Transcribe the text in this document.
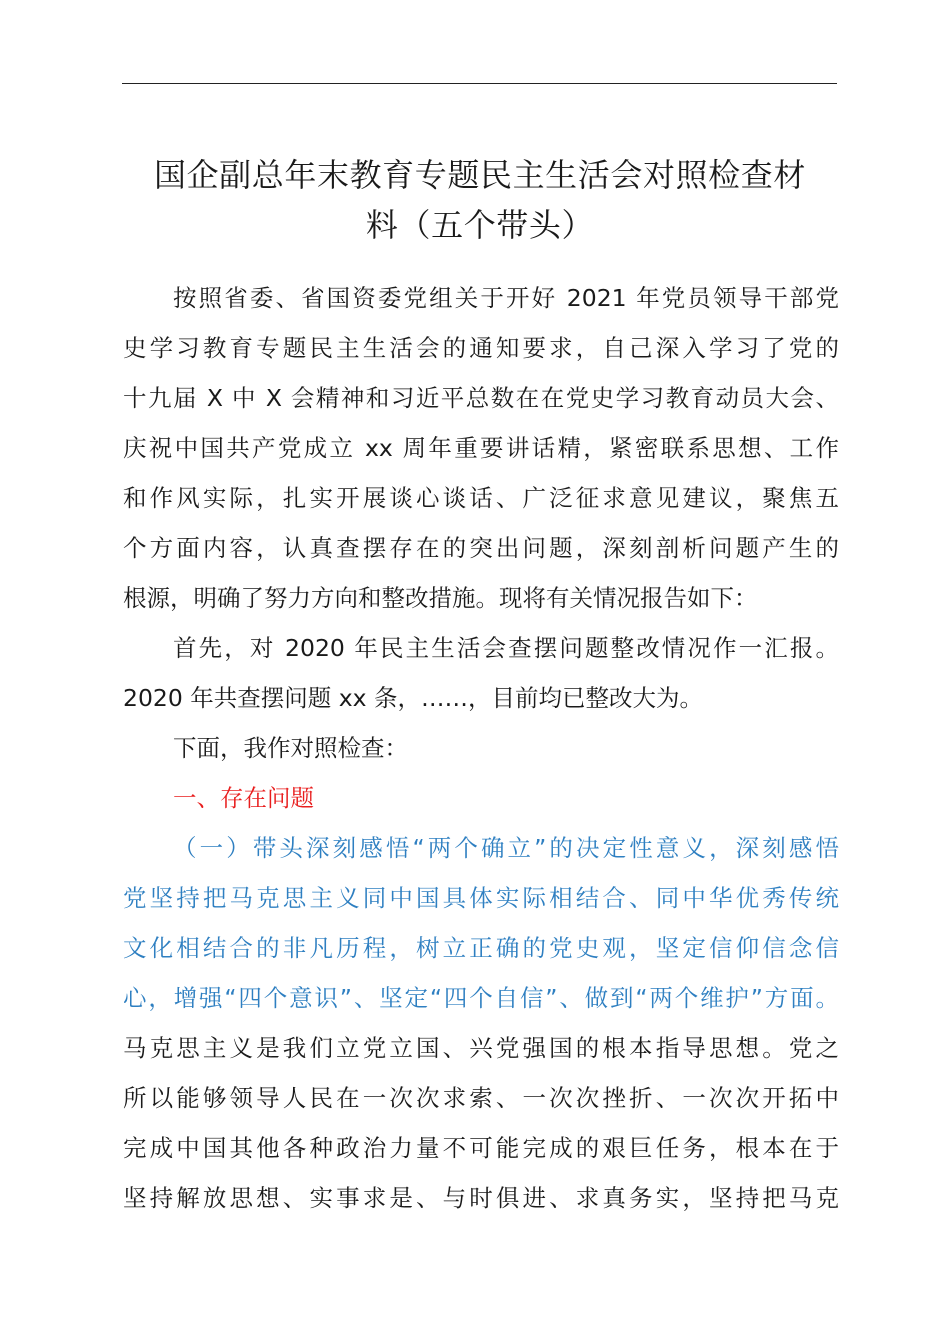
国企副总年末教育专题民主生活会对照检查材
料（五个带头）
按照省委、省国资委党组关于开好 2021 年党员领导干部党
史学习教育专题民主生活会的通知要求，自己深入学习了党的
十九届 X 中 X 会精神和习近平总数在在党史学习教育动员大会、
庆祝中国共产党成立 xx 周年重要讲话精，紧密联系思想、工作
和作风实际，扎实开展谈心谈话、广泛征求意见建议，聚焦五
个方面内容，认真查摆存在的突出问题，深刻剖析问题产生的
根源，明确了努力方向和整改措施。现将有关情况报告如下：
首先，对 2020 年民主生活会查摆问题整改情况作一汇报。
2020 年共查摆问题 xx 条，……，目前均已整改大为。
下面，我作对照检查：
一、存在问题
（一）带头深刻感悟“两个确立”的决定性意义，深刻感悟
党坚持把马克思主义同中国具体实际相结合、同中华优秀传统
文化相结合的非凡历程，树立正确的党史观，坚定信仰信念信
心，增强“四个意识”、坚定“四个自信”、做到“两个维护”方面。
马克思主义是我们立党立国、兴党强国的根本指导思想。党之
所以能够领导人民在一次次求索、一次次挫折、一次次开拓中
完成中国其他各种政治力量不可能完成的艰巨任务，根本在于
坚持解放思想、实事求是、与时俱进、求真务实，坚持把马克
